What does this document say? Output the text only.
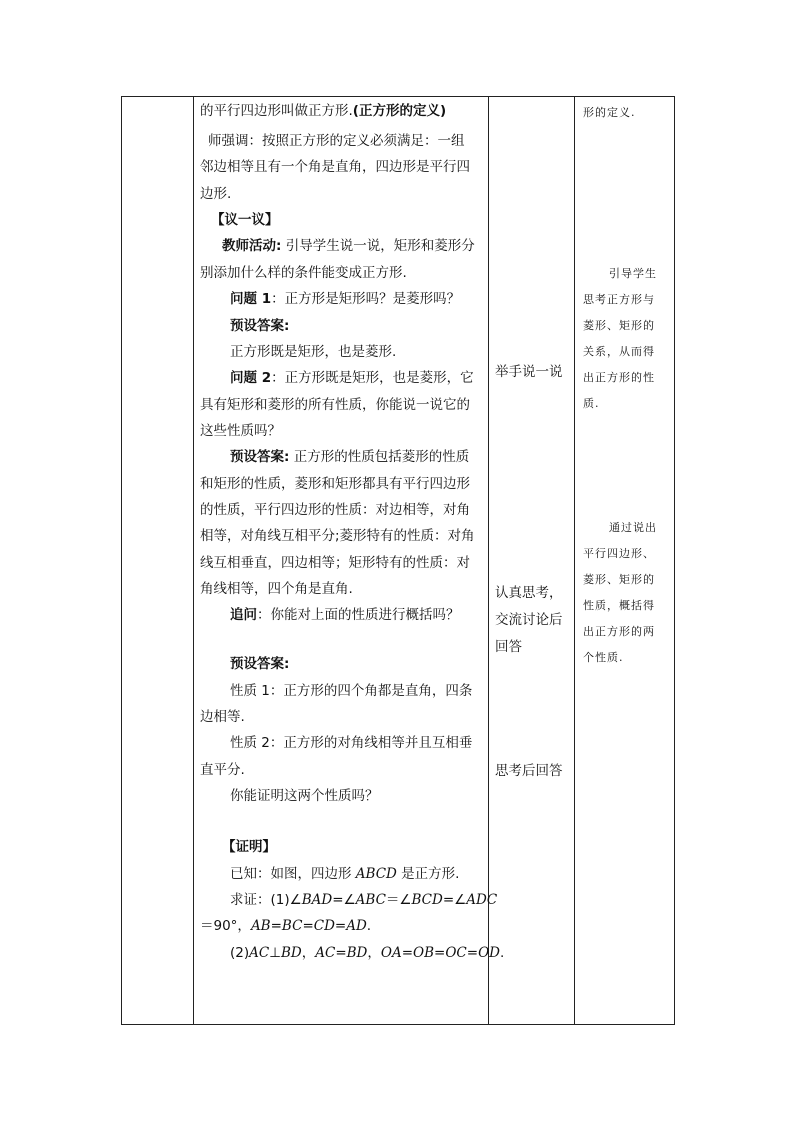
的平行四边形叫做正方形.(正方形的定义)
师强调：按照正方形的定义必须满足：一组
邻边相等且有一个角是直角，四边形是平行四
边形.
【议一议】
教师活动: 引导学生说一说，矩形和菱形分
别添加什么样的条件能变成正方形.
问题 1：正方形是矩形吗？是菱形吗？
预设答案:
正方形既是矩形，也是菱形.
问题 2：正方形既是矩形，也是菱形，它
具有矩形和菱形的所有性质，你能说一说它的
这些性质吗？
预设答案: 正方形的性质包括菱形的性质
和矩形的性质，菱形和矩形都具有平行四边形
的性质，平行四边形的性质：对边相等，对角
相等，对角线互相平分;菱形特有的性质：对角
线互相垂直，四边相等；矩形特有的性质：对
角线相等，四个角是直角.
追问：你能对上面的性质进行概括吗？
预设答案:
性质 1：正方形的四个角都是直角，四条
边相等.
性质 2：正方形的对角线相等并且互相垂
直平分.
你能证明这两个性质吗？
【证明】
已知：如图，四边形 ABCD 是正方形.
求证：(1)∠BAD=∠ABC＝∠BCD=∠ADC
＝90°，AB=BC=CD=AD.
(2)AC⊥BD，AC=BD，OA=OB=OC=OD.

举手说一说
认真思考，
交流讨论后
回答
思考后回答

形的定义.
引导学生
思考正方形与
菱形、矩形的
关系，从而得
出正方形的性
质.
通过说出
平行四边形、
菱形、矩形的
性质，概括得
出正方形的两
个性质.
